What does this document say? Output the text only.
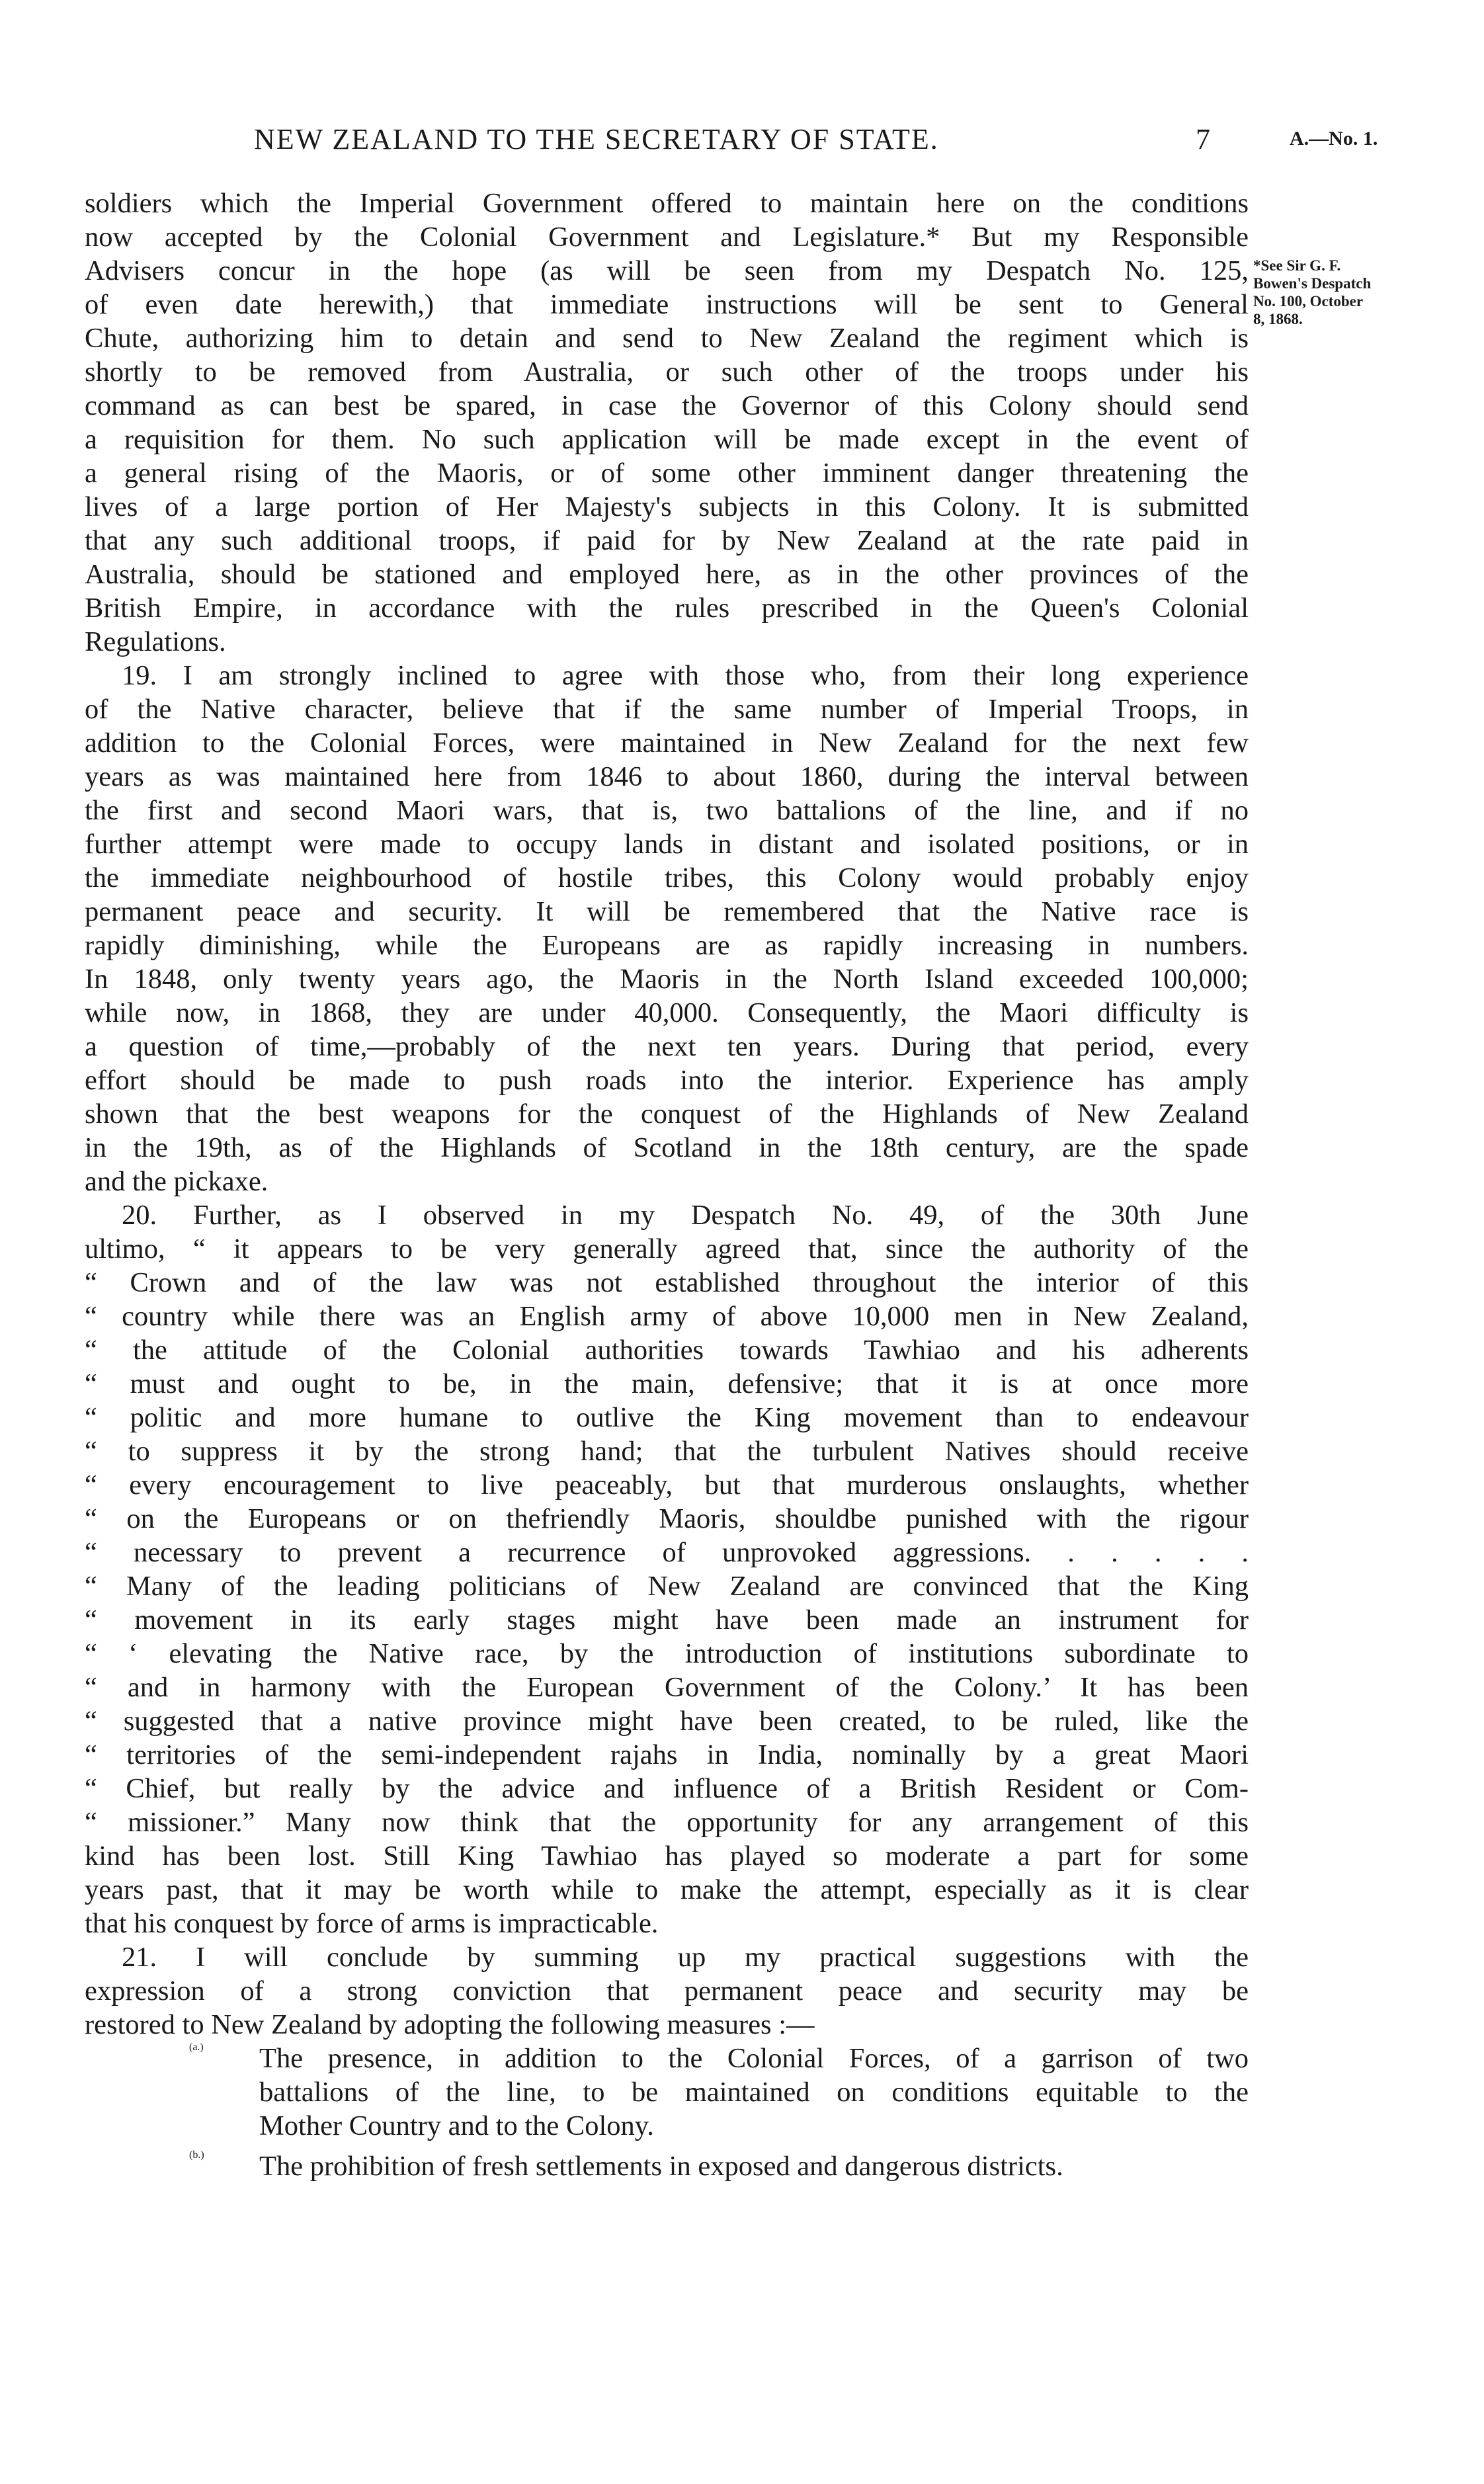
NEW ZEALAND TO THE SECRETARY OF STATE.	7	A.—No. 1.
*See Sir G. F.
Bowen's Despatch
No. 100, October
8, 1868.
soldiers which the Imperial Government offered to maintain here on the conditions
now accepted by the Colonial Government and Legislature.* But my Responsible
Advisers concur in the hope (as will be seen from my Despatch No. 125,
of even date herewith,) that immediate instructions will be sent to General
Chute, authorizing him to detain and send to New Zealand the regiment which is
shortly to be removed from Australia, or such other of the troops under his
command as can best be spared, in case the Governor of this Colony should send
a requisition for them. No such application will be made except in the event of
a general rising of the Maoris, or of some other imminent danger threatening the
lives of a large portion of Her Majesty's subjects in this Colony. It is submitted
that any such additional troops, if paid for by New Zealand at the rate paid in
Australia, should be stationed and employed here, as in the other provinces of the
British Empire, in accordance with the rules prescribed in the Queen's Colonial
Regulations.
19. I am strongly inclined to agree with those who, from their long experience
of the Native character, believe that if the same number of Imperial Troops, in
addition to the Colonial Forces, were maintained in New Zealand for the next few
years as was maintained here from 1846 to about 1860, during the interval between
the first and second Maori wars, that is, two battalions of the line, and if no
further attempt were made to occupy lands in distant and isolated positions, or in
the immediate neighbourhood of hostile tribes, this Colony would probably enjoy
permanent peace and security. It will be remembered that the Native race is
rapidly diminishing, while the Europeans are as rapidly increasing in numbers.
In 1848, only twenty years ago, the Maoris in the North Island exceeded 100,000;
while now, in 1868, they are under 40,000. Consequently, the Maori difficulty is
a question of time,—probably of the next ten years. During that period, every
effort should be made to push roads into the interior. Experience has amply
shown that the best weapons for the conquest of the Highlands of New Zealand
in the 19th, as of the Highlands of Scotland in the 18th century, are the spade
and the pickaxe.
20. Further, as I observed in my Despatch No. 49, of the 30th June
ultimo, “ it appears to be very generally agreed that, since the authority of the
“ Crown and of the law was not established throughout the interior of this
“ country while there was an English army of above 10,000 men in New Zealand,
“ the attitude of the Colonial authorities towards Tawhiao and his adherents
“ must and ought to be, in the main, defensive; that it is at once more
“ politic and more humane to outlive the King movement than to endeavour
“ to suppress it by the strong hand; that the turbulent Natives should receive
“ every encouragement to live peaceably, but that murderous onslaughts, whether
“ on the Europeans or on thefriendly Maoris, shouldbe punished with the rigour
“ necessary to prevent a recurrence of unprovoked aggressions. . . . . .
“ Many of the leading politicians of New Zealand are convinced that the King
“ movement in its early stages might have been made an instrument for
“ ‘ elevating the Native race, by the introduction of institutions subordinate to
“ and in harmony with the European Government of the Colony.’ It has been
“ suggested that a native province might have been created, to be ruled, like the
“ territories of the semi-independent rajahs in India, nominally by a great Maori
“ Chief, but really by the advice and influence of a British Resident or Com-
“ missioner.” Many now think that the opportunity for any arrangement of this
kind has been lost. Still King Tawhiao has played so moderate a part for some
years past, that it may be worth while to make the attempt, especially as it is clear
that his conquest by force of arms is impracticable.
21. I will conclude by summing up my practical suggestions with the
expression of a strong conviction that permanent peace and security may be
restored to New Zealand by adopting the following measures :—
(a.) The presence, in addition to the Colonial Forces, of a garrison of two
battalions of the line, to be maintained on conditions equitable to the
Mother Country and to the Colony.
(b.) The prohibition of fresh settlements in exposed and dangerous districts.
